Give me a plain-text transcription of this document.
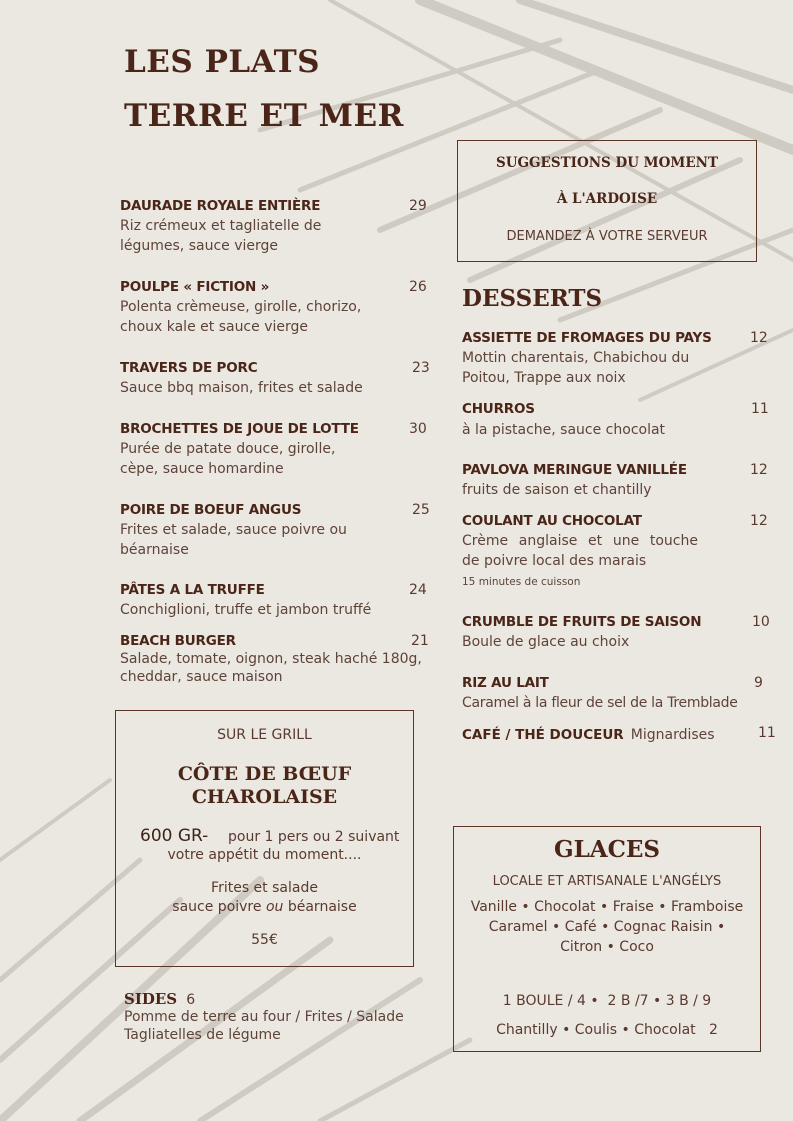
LES PLATS
TERRE ET MER
DAURADE ROYALE ENTIÈRE	29
Riz crémeux et tagliatelle de
légumes, sauce vierge
POULPE « FICTION »	26
Polenta crèmeuse, girolle, chorizo,
choux kale et sauce vierge
TRAVERS DE PORC	23
Sauce bbq maison, frites et salade
BROCHETTES DE JOUE DE LOTTE	30
Purée de patate douce, girolle,
cèpe, sauce homardine
POIRE DE BOEUF ANGUS	25
Frites et salade, sauce poivre ou
béarnaise
PÂTES A LA TRUFFE	24
Conchiglioni, truffe et jambon truffé
BEACH BURGER	21
Salade, tomate, oignon, steak haché 180g,
cheddar, sauce maison
SUR LE GRILL
CÔTE DE BŒUF
CHAROLAISE
600 GR- pour 1 pers ou 2 suivant
votre appétit du moment....
Frites et salade
sauce poivre ou béarnaise
55€
SIDES 6
Pomme de terre au four / Frites / Salade
Tagliatelles de légume
SUGGESTIONS DU MOMENT
À L'ARDOISE
DEMANDEZ À VOTRE SERVEUR
DESSERTS
ASSIETTE DE FROMAGES DU PAYS	12
Mottin charentais, Chabichou du
Poitou, Trappe aux noix
CHURROS	11
à la pistache, sauce chocolat
PAVLOVA MERINGUE VANILLÉE	12
fruits de saison et chantilly
COULANT AU CHOCOLAT	12
Crème anglaise et une touche
de poivre local des marais
15 minutes de cuisson
CRUMBLE DE FRUITS DE SAISON	10
Boule de glace au choix
RIZ AU LAIT	9
Caramel à la fleur de sel de la Tremblade
CAFÉ / THÉ DOUCEUR Mignardises	11
GLACES
LOCALE ET ARTISANALE L'ANGÉLYS
Vanille • Chocolat • Fraise • Framboise
Caramel • Café • Cognac Raisin •
Citron • Coco
1 BOULE / 4 •  2 B /7 • 3 B / 9
Chantilly • Coulis • Chocolat   2
